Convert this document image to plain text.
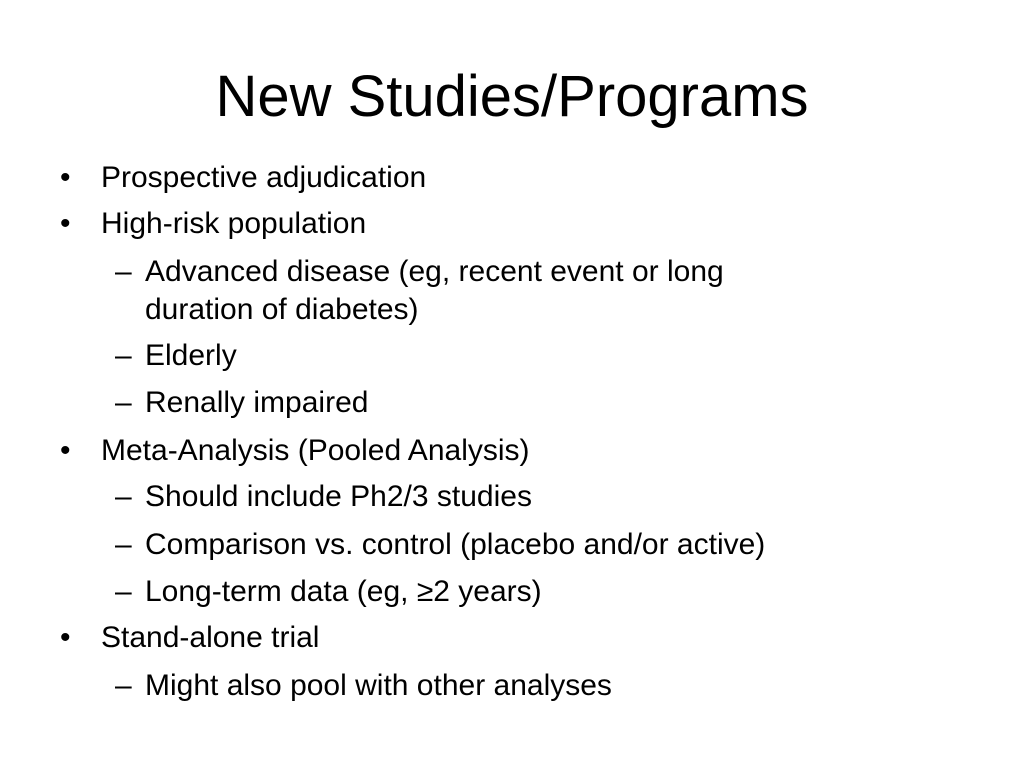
New Studies/Programs
• Prospective adjudication
• High-risk population
– Advanced disease (eg, recent event or long
duration of diabetes)
– Elderly
– Renally impaired
• Meta-Analysis (Pooled Analysis)
– Should include Ph2/3 studies
– Comparison vs. control (placebo and/or active)
– Long-term data (eg, ≥2 years)
• Stand-alone trial
– Might also pool with other analyses
